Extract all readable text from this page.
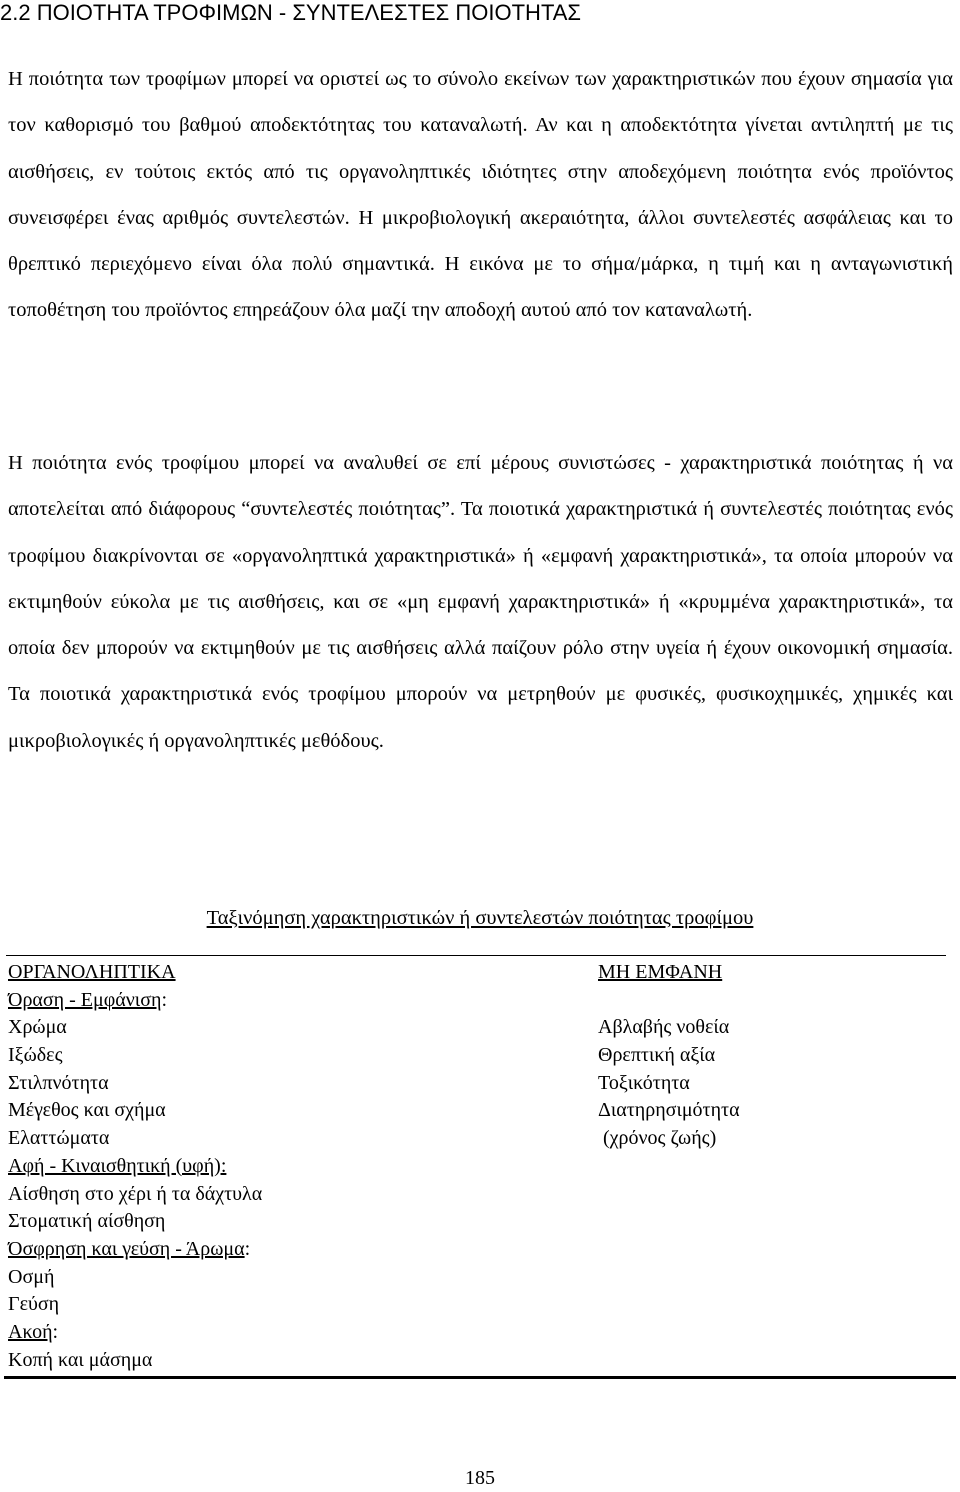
2.2 ΠΟΙΟΤΗΤΑ ΤΡΟΦΙΜΩΝ - ΣΥΝΤΕΛΕΣΤΕΣ ΠΟΙΟΤΗΤΑΣ

Η ποιότητα των τροφίμων μπορεί να οριστεί ως το σύνολο εκείνων των χαρακτηριστικών που έχουν σημασία για τον καθορισμό του βαθμού αποδεκτότητας του καταναλωτή. Αν και η αποδεκτότητα γίνεται αντιληπτή με τις αισθήσεις, εν τούτοις εκτός από τις οργανοληπτικές ιδιότητες στην αποδεχόμενη ποιότητα ενός προϊόντος συνεισφέρει ένας αριθμός συντελεστών. Η μικροβιολογική ακεραιότητα, άλλοι συντελεστές ασφάλειας και το θρεπτικό περιεχόμενο είναι όλα πολύ σημαντικά. Η εικόνα με το σήμα/μάρκα, η τιμή και η ανταγωνιστική τοποθέτηση του προϊόντος επηρεάζουν όλα μαζί την αποδοχή αυτού από τον καταναλωτή.

Η ποιότητα ενός τροφίμου μπορεί να αναλυθεί σε επί μέρους συνιστώσες - χαρακτηριστικά ποιότητας ή να αποτελείται από διάφορους “συντελεστές ποιότητας”. Τα ποιοτικά χαρακτηριστικά ή συντελεστές ποιότητας ενός τροφίμου διακρίνονται σε «οργανοληπτικά χαρακτηριστικά» ή «εμφανή χαρακτηριστικά», τα οποία μπορούν να εκτιμηθούν εύκολα με τις αισθήσεις, και σε «μη εμφανή χαρακτηριστικά» ή «κρυμμένα χαρακτηριστικά», τα οποία δεν μπορούν να εκτιμηθούν με τις αισθήσεις αλλά παίζουν ρόλο στην υγεία ή έχουν οικονομική σημασία. Τα ποιοτικά χαρακτηριστικά ενός τροφίμου μπορούν να μετρηθούν με φυσικές, φυσικοχημικές, χημικές και μικροβιολογικές ή οργανοληπτικές μεθόδους.

Ταξινόμηση χαρακτηριστικών ή συντελεστών ποιότητας τροφίμου
ΟΡΓΑΝΟΛΗΠΤΙΚΑ
Όραση - Εμφάνιση:
Χρώμα
Ιξώδες
Στιλπνότητα
Μέγεθος και σχήμα
Ελαττώματα
Αφή - Κιναισθητική (υφή):
Αίσθηση στο χέρι ή τα δάχτυλα
Στοματική αίσθηση
Όσφρηση και γεύση - Άρωμα:
Οσμή
Γεύση
Ακοή:
Κοπή και μάσημα
ΜΗ ΕΜΦΑΝΗ
Αβλαβής νοθεία
Θρεπτική αξία
Τοξικότητα
Διατηρησιμότητα
(χρόνος ζωής)
185
